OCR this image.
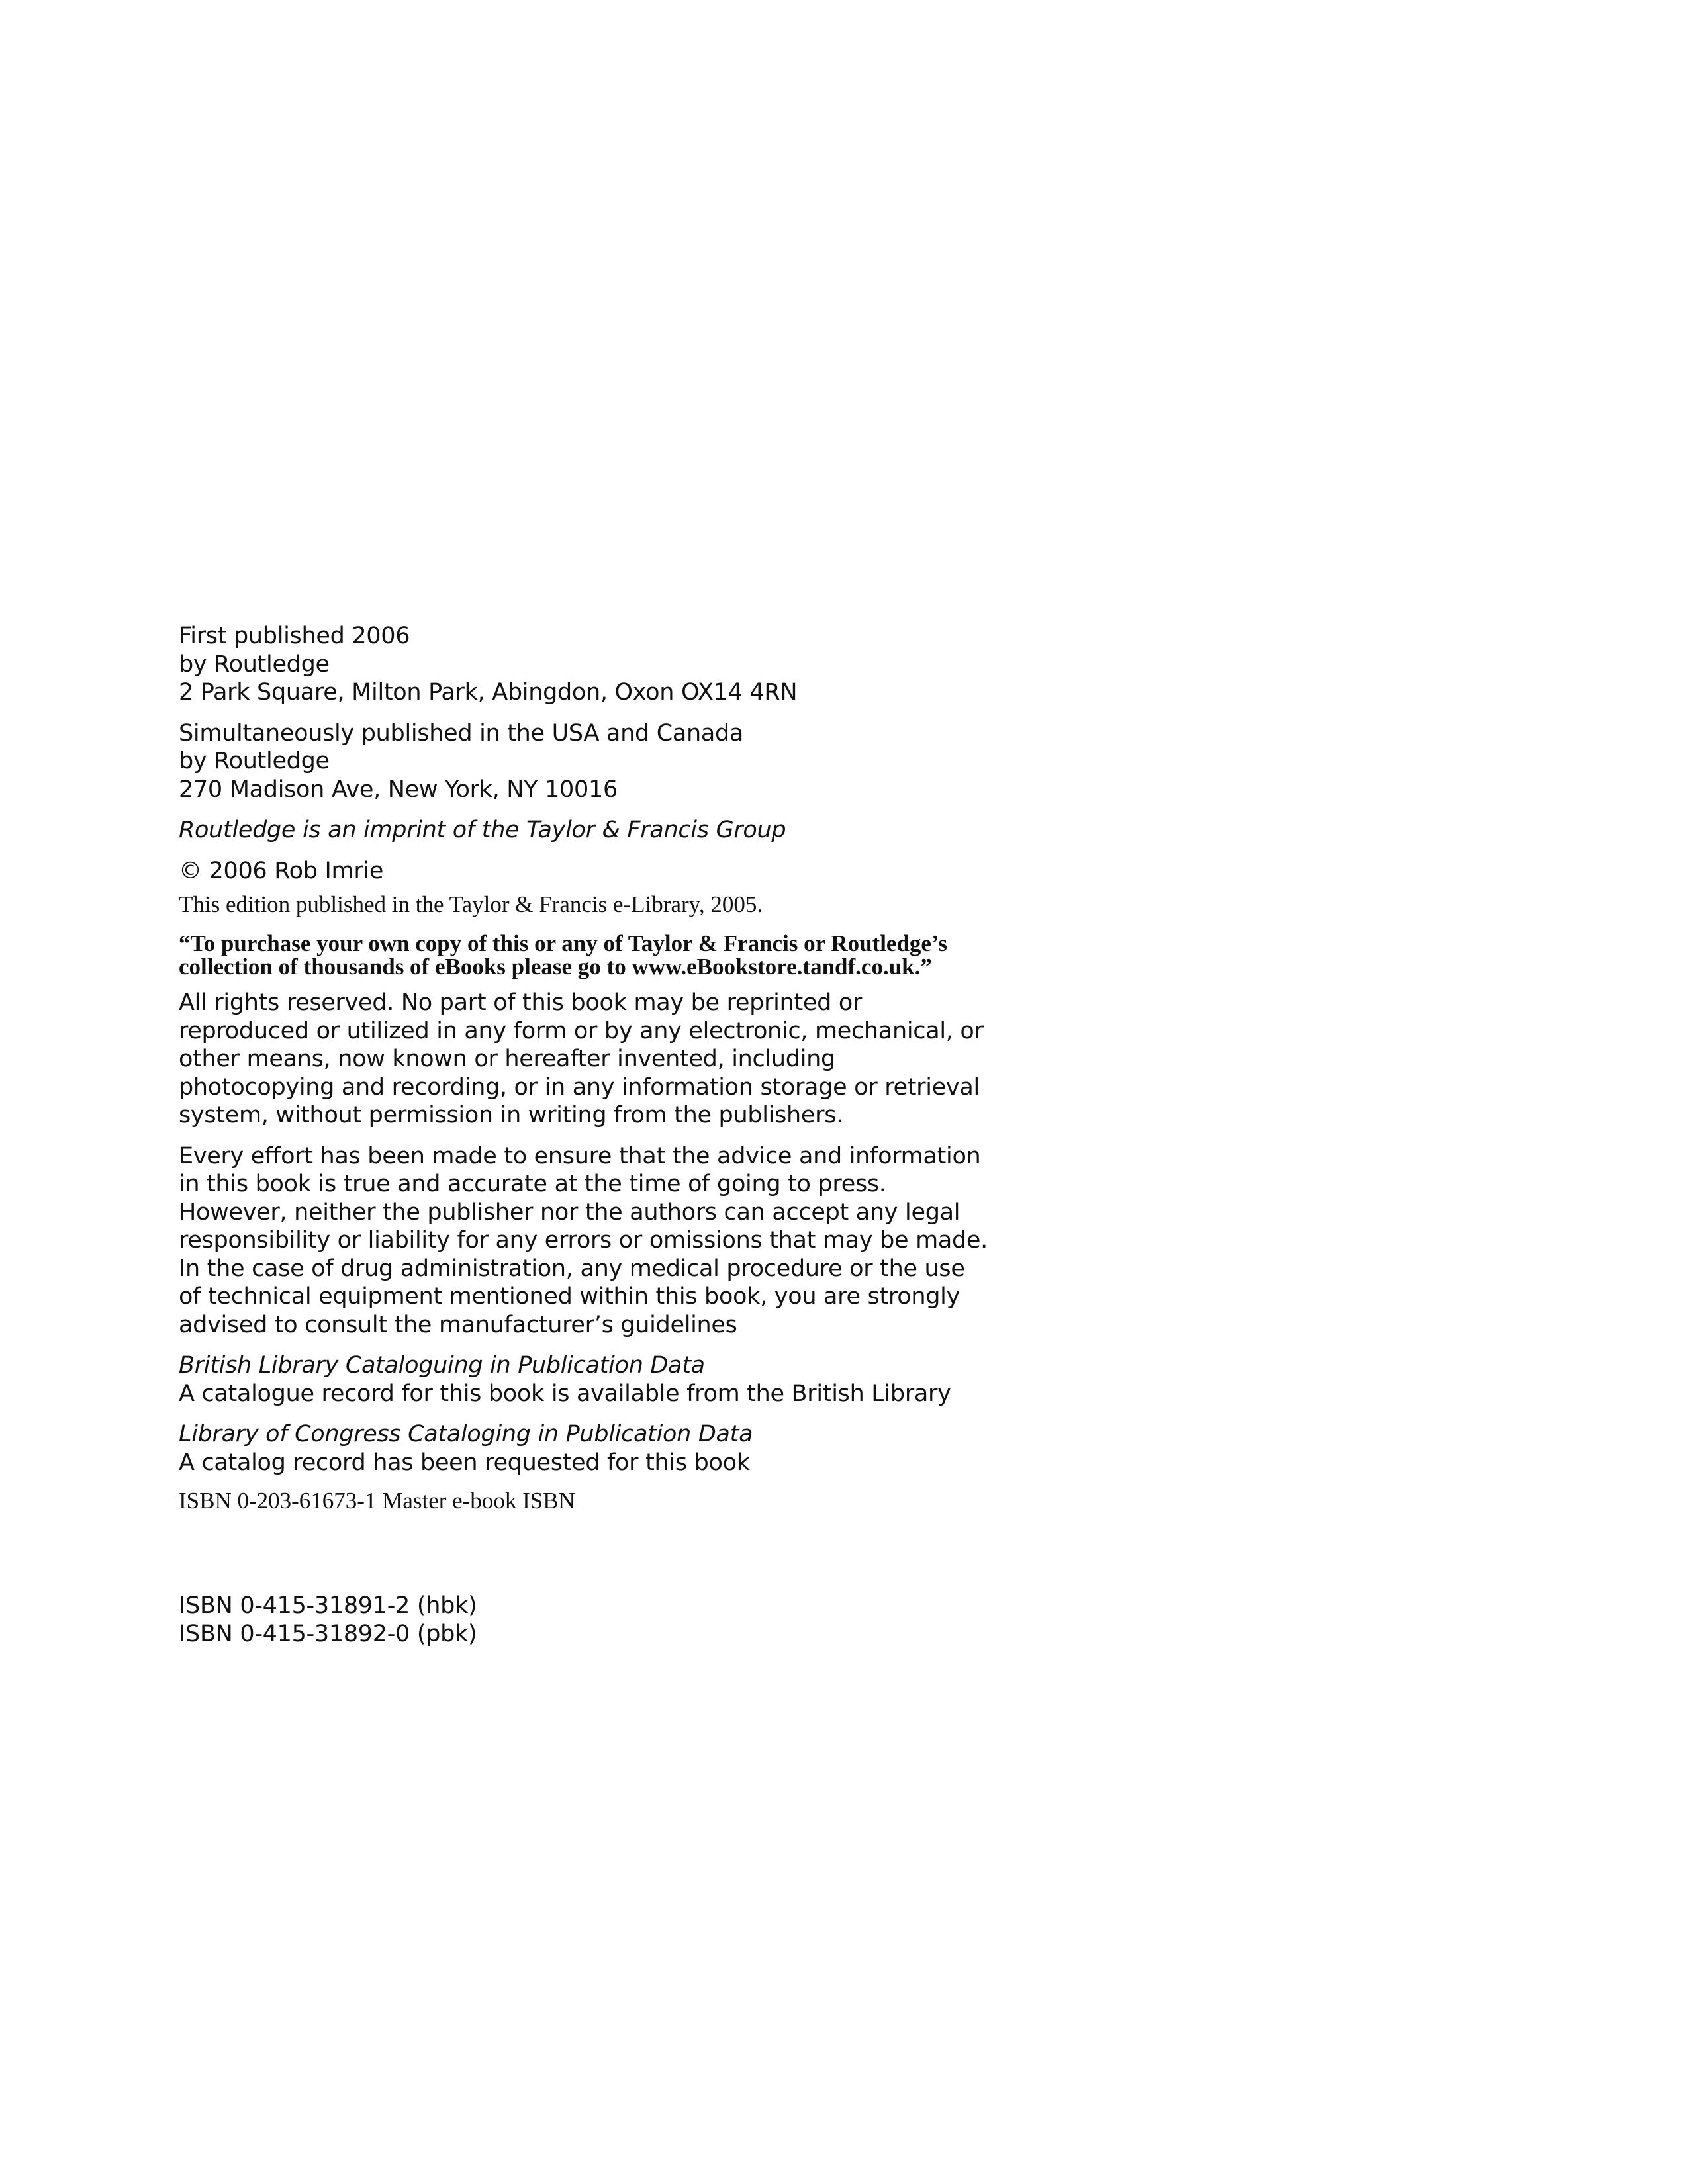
First published 2006
by Routledge
2 Park Square, Milton Park, Abingdon, Oxon OX14 4RN
Simultaneously published in the USA and Canada
by Routledge
270 Madison Ave, New York, NY 10016
Routledge is an imprint of the Taylor & Francis Group
© 2006 Rob Imrie
This edition published in the Taylor & Francis e-Library, 2005.
“To purchase your own copy of this or any of Taylor & Francis or Routledge’s
collection of thousands of eBooks please go to www.eBookstore.tandf.co.uk.”
All rights reserved. No part of this book may be reprinted or
reproduced or utilized in any form or by any electronic, mechanical, or
other means, now known or hereafter invented, including
photocopying and recording, or in any information storage or retrieval
system, without permission in writing from the publishers.
Every effort has been made to ensure that the advice and information
in this book is true and accurate at the time of going to press.
However, neither the publisher nor the authors can accept any legal
responsibility or liability for any errors or omissions that may be made.
In the case of drug administration, any medical procedure or the use
of technical equipment mentioned within this book, you are strongly
advised to consult the manufacturer’s guidelines
British Library Cataloguing in Publication Data
A catalogue record for this book is available from the British Library
Library of Congress Cataloging in Publication Data
A catalog record has been requested for this book
ISBN 0-203-61673-1 Master e-book ISBN
ISBN 0-415-31891-2 (hbk)
ISBN 0-415-31892-0 (pbk)
